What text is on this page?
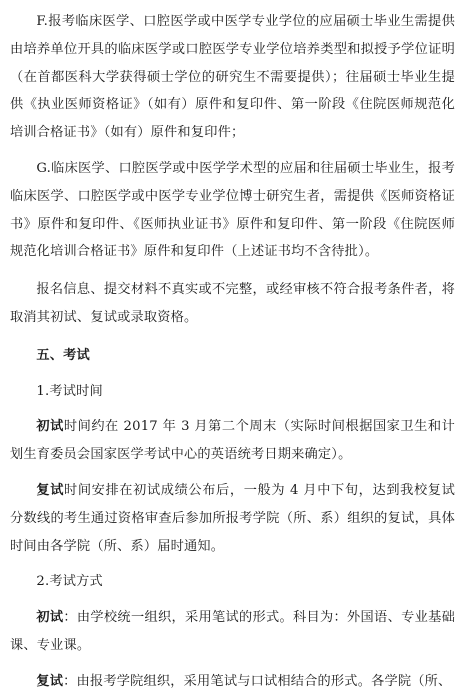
F.报考临床医学、口腔医学或中医学专业学位的应届硕士毕业生需提供由培养单位开具的临床医学或口腔医学专业学位培养类型和拟授予学位证明（在首都医科大学获得硕士学位的研究生不需要提供）；往届硕士毕业生提供《执业医师资格证》（如有）原件和复印件、第一阶段《住院医师规范化培训合格证书》（如有）原件和复印件；

G.临床医学、口腔医学或中医学学术型的应届和往届硕士毕业生，报考临床医学、口腔医学或中医学专业学位博士研究生者，需提供《医师资格证书》原件和复印件、《医师执业证书》原件和复印件、第一阶段《住院医师规范化培训合格证书》原件和复印件（上述证书均不含待批）。

报名信息、提交材料不真实或不完整，或经审核不符合报考条件者，将取消其初试、复试或录取资格。

五、考试

1.考试时间

初试时间约在 2017 年 3 月第二个周末（实际时间根据国家卫生和计划生育委员会国家医学考试中心的英语统考日期来确定）。

复试时间安排在初试成绩公布后，一般为 4 月中下旬，达到我校复试分数线的考生通过资格审查后参加所报考学院（所、系）组织的复试，具体时间由各学院（所、系）届时通知。

2.考试方式

初试：由学校统一组织，采用笔试的形式。科目为：外国语、专业基础课、专业课。

复试：由报考学院组织，采用笔试与口试相结合的形式。各学院（所、
